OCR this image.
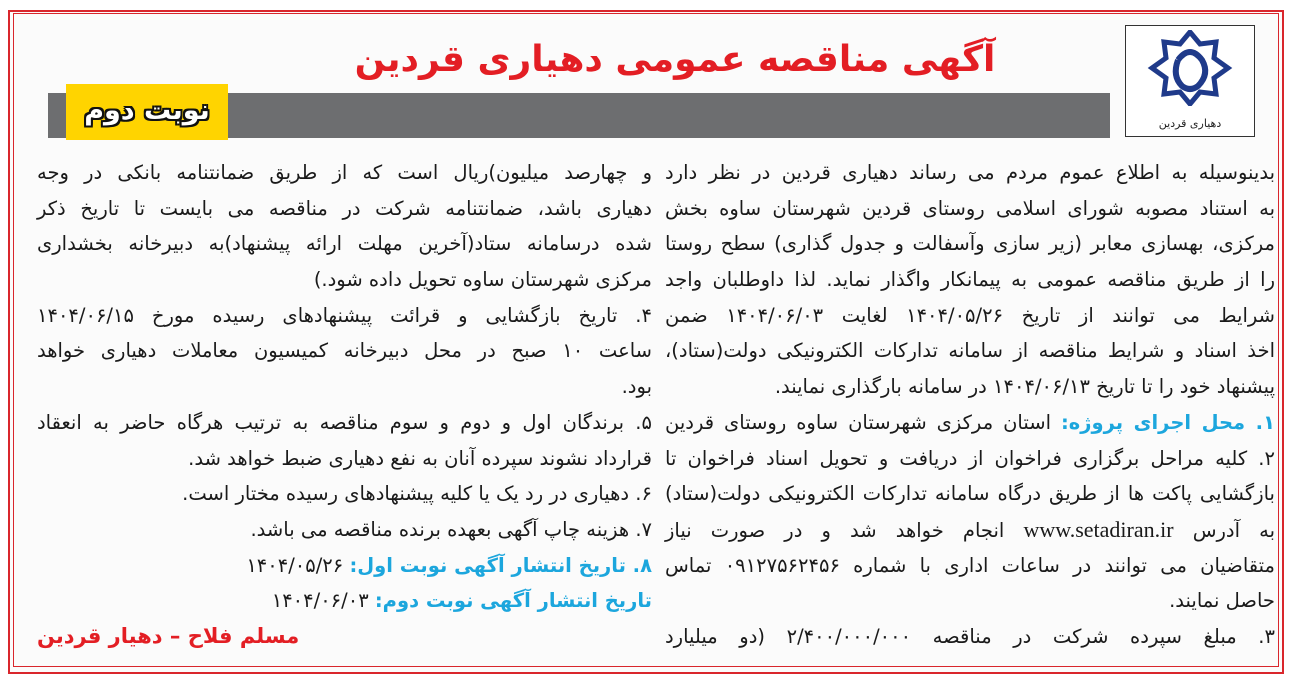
دهیاری قردین
آگهی مناقصه عمومی دهیاری قردین
نوبت دوم
بدینوسیله به اطلاع عموم مردم می رساند دهیاری قردین در نظر دارد
به استناد مصوبه شورای اسلامی روستای قردین شهرستان ساوه بخش
مرکزی، بهسازی معابر (زیر سازی وآسفالت و جدول گذاری) سطح روستا
را از طریق مناقصه عمومی به پیمانکار واگذار نماید. لذا داوطلبان واجد
شرایط می توانند از تاریخ ۱۴۰۴/۰۵/۲۶ لغایت ۱۴۰۴/۰۶/۰۳ ضمن
اخذ اسناد و شرایط مناقصه از سامانه تدارکات الکترونیکی دولت(ستاد)،
پیشنهاد خود را تا تاریخ ۱۴۰۴/۰۶/۱۳ در سامانه بارگذاری نمایند.
۱. محل اجرای پروژه: استان مرکزی شهرستان ساوه روستای قردین
۲. کلیه مراحل برگزاری فراخوان از دریافت و تحویل اسناد فراخوان تا
بازگشایی پاکت ها از طریق درگاه سامانه تدارکات الکترونیکی دولت(ستاد)
به آدرس www.setadiran.ir انجام خواهد شد و در صورت نیاز
متقاضیان می توانند در ساعات اداری با شماره ۰۹۱۲۷۵۶۲۴۵۶ تماس
حاصل نمایند.
۳. مبلغ سپرده شرکت در مناقصه ۲/۴۰۰/۰۰۰/۰۰۰ (دو میلیارد
و چهارصد میلیون)ریال است که از طریق ضمانتنامه بانکی در وجه
دهیاری باشد، ضمانتنامه شرکت در مناقصه می بایست تا تاریخ ذکر
شده درسامانه ستاد(آخرین مهلت ارائه پیشنهاد)به دبیرخانه بخشداری
مرکزی شهرستان ساوه تحویل داده شود.)
۴. تاریخ بازگشایی و قرائت پیشنهادهای رسیده مورخ ۱۴۰۴/۰۶/۱۵
ساعت ۱۰ صبح در محل دبیرخانه کمیسیون معاملات دهیاری خواهد
بود.
۵. برندگان اول و دوم و سوم مناقصه به ترتیب هرگاه حاضر به انعقاد
قرارداد نشوند سپرده آنان به نفع دهیاری ضبط خواهد شد.
۶. دهیاری در رد یک یا کلیه پیشنهادهای رسیده مختار است.
۷. هزینه چاپ آگهی بعهده برنده مناقصه می باشد.
۸. تاریخ انتشار آگهی نوبت اول: ۱۴۰۴/۰۵/۲۶
تاریخ انتشار آگهی نوبت دوم: ۱۴۰۴/۰۶/۰۳
مسلم فلاح – دهیار قردین
